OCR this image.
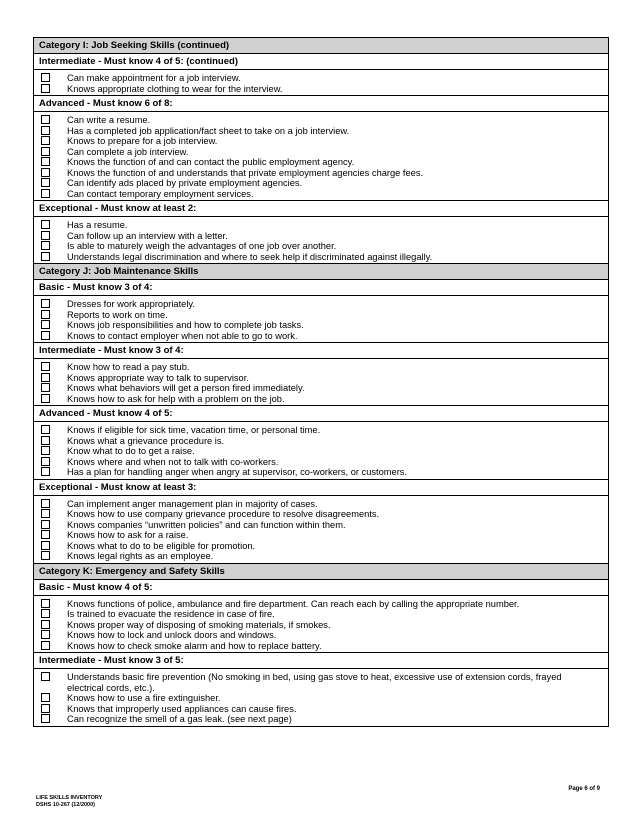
Category I: Job Seeking Skills (continued)
Intermediate - Must know 4 of 5: (continued)
Can make appointment for a job interview.
Knows appropriate clothing to wear for the interview.
Advanced - Must know 6 of 8:
Can write a resume.
Has a completed job application/fact sheet to take on a job interview.
Knows to prepare for a job interview.
Can complete a job interview.
Knows the function of and can contact the public employment agency.
Knows the function of and understands that private employment agencies charge fees.
Can identify ads placed by private employment agencies.
Can contact temporary employment services.
Exceptional - Must know at least 2:
Has a resume.
Can follow up an interview with a letter.
Is able to maturely weigh the advantages of one job over another.
Understands legal discrimination and where to seek help if discriminated against illegally.
Category J: Job Maintenance Skills
Basic - Must know 3 of 4:
Dresses for work appropriately.
Reports to work on time.
Knows job responsibilities and how to complete job tasks.
Knows to contact employer when not able to go to work.
Intermediate - Must know 3 of 4:
Know how to read a pay stub.
Knows appropriate way to talk to supervisor.
Knows what behaviors will get a person fired immediately.
Knows how to ask for help with a problem on the job.
Advanced - Must know 4 of 5:
Knows if eligible for sick time, vacation time, or personal time.
Knows what a grievance procedure is.
Know what to do to get a raise.
Knows where and when not to talk with co-workers.
Has a plan for handling anger when angry at supervisor, co-workers, or customers.
Exceptional - Must know at least 3:
Can implement anger management plan in majority of cases.
Knows how to use company grievance procedure to resolve disagreements.
Knows companies “unwritten policies” and can function within them.
Knows how to ask for a raise.
Knows what to do to be eligible for promotion.
Knows legal rights as an employee.
Category K: Emergency and Safety Skills
Basic - Must know 4 of 5:
Knows functions of police, ambulance and fire department. Can reach each by calling the appropriate number.
Is trained to evacuate the residence in case of fire.
Knows proper way of disposing of smoking materials, if smokes.
Knows how to lock and unlock doors and windows.
Knows how to check smoke alarm and how to replace battery.
Intermediate - Must know 3 of 5:
Understands basic fire prevention (No smoking in bed, using gas stove to heat, excessive use of extension cords, frayed electrical cords, etc.).
Knows how to use a fire extinguisher.
Knows that improperly used appliances can cause fires.
Can recognize the smell of a gas leak. (see next page)
Page 6 of 9
LIFE SKILLS INVENTORY
DSHS 10-267 (12/2000)
